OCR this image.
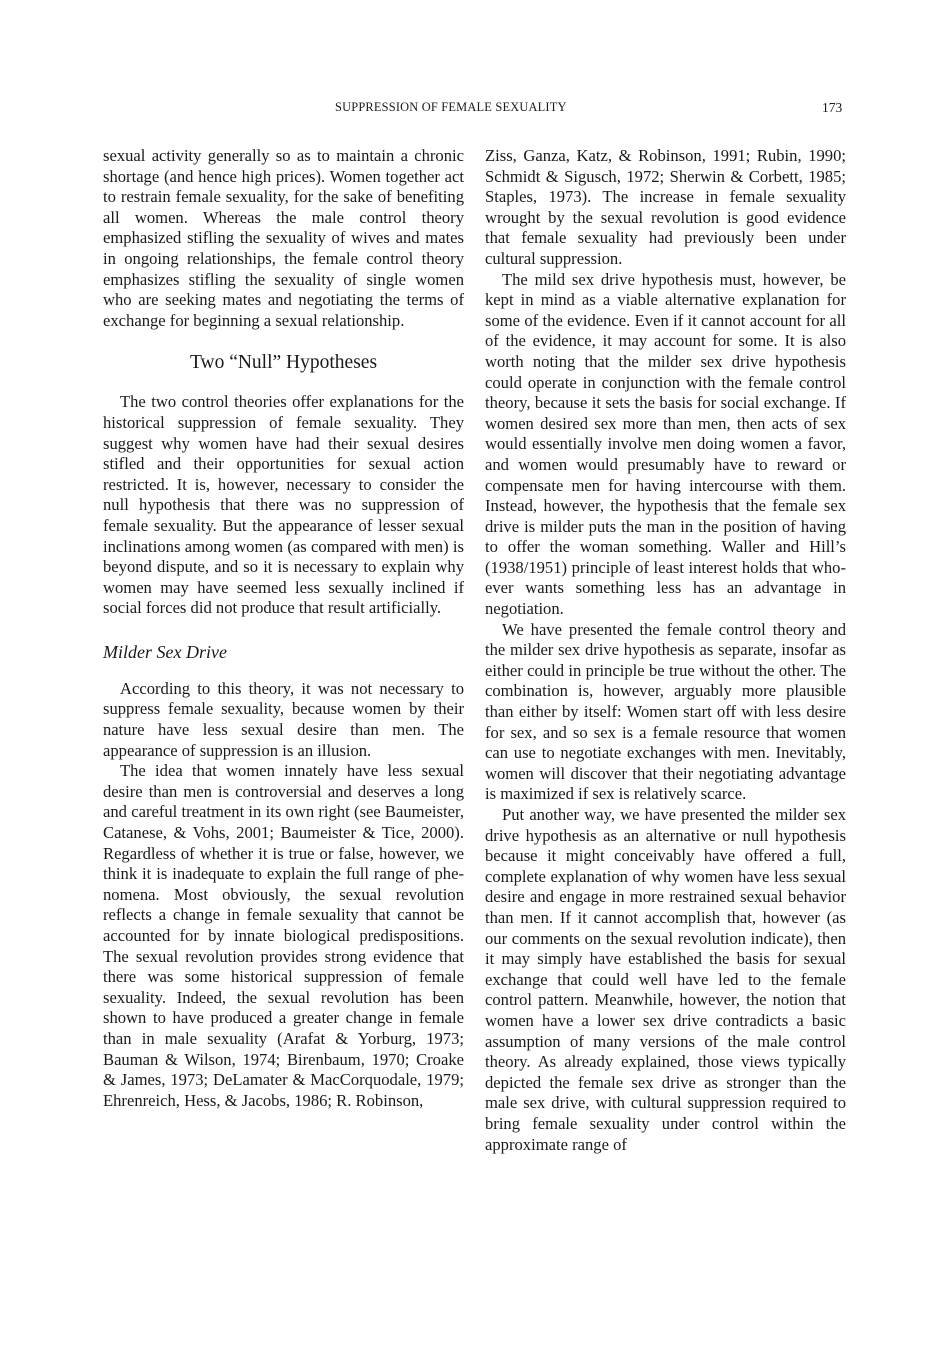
SUPPRESSION OF FEMALE SEXUALITY	173

sexual activity generally so as to maintain a chronic shortage (and hence high prices). Women together act to restrain female sexuality, for the sake of benefiting all women. Whereas the male control theory emphasized stifling the sexuality of wives and mates in ongoing relationships, the female control theory emphasizes stifling the sexuality of single women who are seeking mates and negotiating the terms of exchange for beginning a sexual relationship.

Two “Null” Hypotheses

The two control theories offer explanations for the historical suppression of female sexuality. They suggest why women have had their sexual desires stifled and their opportunities for sexual action restricted. It is, however, necessary to consider the null hypothesis that there was no suppression of female sexuality. But the appearance of lesser sexual inclinations among women (as compared with men) is beyond dispute, and so it is necessary to explain why women may have seemed less sexually inclined if social forces did not produce that result artificially.

Milder Sex Drive

According to this theory, it was not necessary to suppress female sexuality, because women by their nature have less sexual desire than men. The appearance of suppression is an illusion.

The idea that women innately have less sexual desire than men is controversial and deserves a long and careful treatment in its own right (see Baumeister, Catanese, & Vohs, 2001; Baumeister & Tice, 2000). Regardless of whether it is true or false, however, we think it is inadequate to explain the full range of phenomena. Most obviously, the sexual revolution reflects a change in female sexuality that cannot be accounted for by innate biological predispositions. The sexual revolution provides strong evidence that there was some historical suppression of female sexuality. Indeed, the sexual revolution has been shown to have produced a greater change in female than in male sexuality (Arafat & Yorburg, 1973; Bauman & Wilson, 1974; Birenbaum, 1970; Croake & James, 1973; DeLamater & MacCorquodale, 1979; Ehrenreich, Hess, & Jacobs, 1986; R. Robinson,

Ziss, Ganza, Katz, & Robinson, 1991; Rubin, 1990; Schmidt & Sigusch, 1972; Sherwin & Corbett, 1985; Staples, 1973). The increase in female sexuality wrought by the sexual revolution is good evidence that female sexuality had previously been under cultural suppression.

The mild sex drive hypothesis must, however, be kept in mind as a viable alternative explanation for some of the evidence. Even if it cannot account for all of the evidence, it may account for some. It is also worth noting that the milder sex drive hypothesis could operate in conjunction with the female control theory, because it sets the basis for social exchange. If women desired sex more than men, then acts of sex would essentially involve men doing women a favor, and women would presumably have to reward or compensate men for having intercourse with them. Instead, however, the hypothesis that the female sex drive is milder puts the man in the position of having to offer the woman something. Waller and Hill’s (1938/​1951) principle of least interest holds that whoever wants something less has an advantage in negotiation.

We have presented the female control theory and the milder sex drive hypothesis as separate, insofar as either could in principle be true without the other. The combination is, however, arguably more plausible than either by itself: Women start off with less desire for sex, and so sex is a female resource that women can use to negotiate exchanges with men. Inevitably, women will discover that their negotiating advantage is maximized if sex is relatively scarce.

Put another way, we have presented the milder sex drive hypothesis as an alternative or null hypothesis because it might conceivably have offered a full, complete explanation of why women have less sexual desire and engage in more restrained sexual behavior than men. If it cannot accomplish that, however (as our comments on the sexual revolution indicate), then it may simply have established the basis for sexual exchange that could well have led to the female control pattern. Meanwhile, however, the notion that women have a lower sex drive contradicts a basic assumption of many versions of the male control theory. As already explained, those views typically depicted the female sex drive as stronger than the male sex drive, with cultural suppression required to bring female sexuality under control within the approximate range of
